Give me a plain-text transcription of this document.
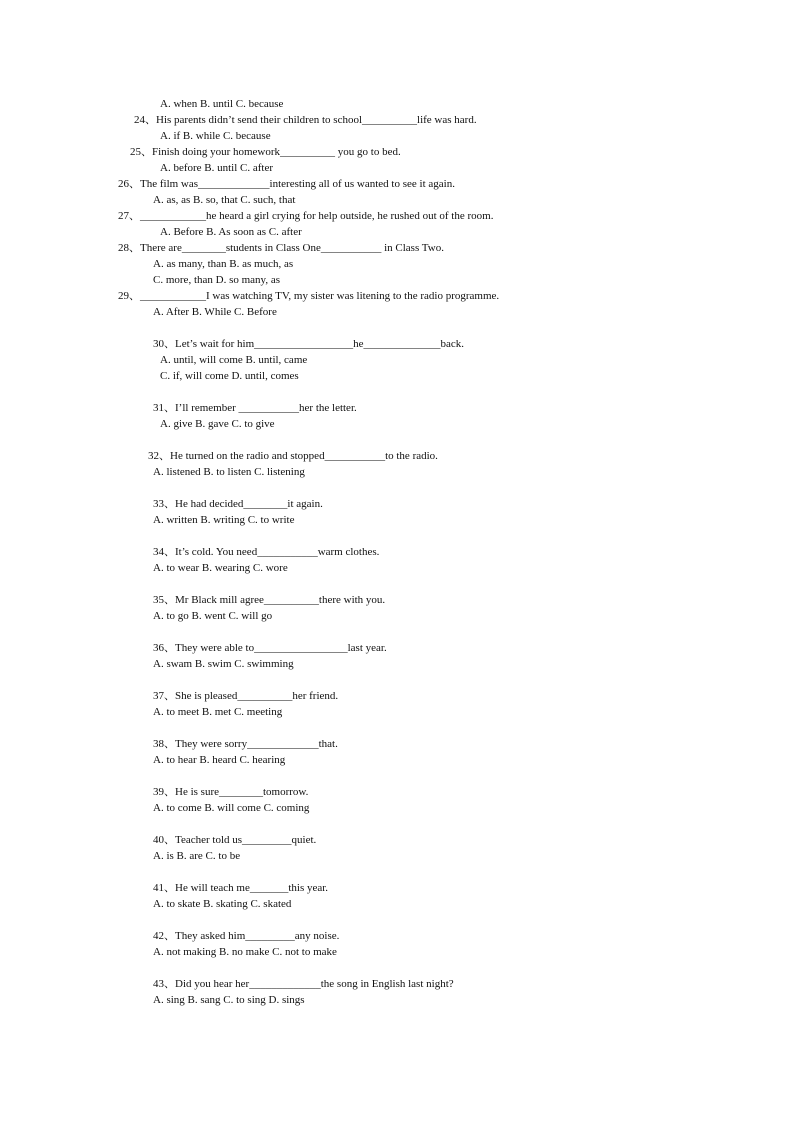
A. when B. until C. because
24、His parents didn’t send their children to school__________life was hard.
A. if B. while C. because
25、Finish doing your homework__________ you go to bed.
A. before B. until C. after
26、The film was_____________interesting all of us wanted to see it again.
A. as, as B. so, that C. such, that
27、____________he heard a girl crying for help outside, he rushed out of the room.
A. Before B. As soon as C. after
28、There are________students in Class One___________ in Class Two.
A. as many, than B. as much, as
C. more, than D. so many, as
29、____________I was watching TV, my sister was litening to the radio programme.
A. After B. While C. Before
30、Let’s wait for him__________________he______________back.
A. until, will come B. until, came
C. if, will come D. until, comes
31、I’ll remember ___________her the letter.
A. give B. gave C. to give
32、He turned on the radio and stopped___________to the radio.
A. listened B. to listen C. listening
33、He had decided________it again.
A. written B. writing C. to write
34、It’s cold. You need___________warm clothes.
A. to wear B. wearing C. wore
35、Mr Black mill agree__________there with you.
A. to go B. went C. will go
36、They were able to_________________last year.
A. swam B. swim C. swimming
37、She is pleased__________her friend.
A. to meet B. met C. meeting
38、They were sorry_____________that.
A. to hear B. heard C. hearing
39、He is sure________tomorrow.
A. to come B. will come C. coming
40、Teacher told us_________quiet.
A. is B. are C. to be
41、He will teach me_______this year.
A. to skate B. skating C. skated
42、They asked him_________any noise.
A. not making B. no make C. not to make
43、Did you hear her_____________the song in English last night?
A. sing B. sang C. to sing D. sings
